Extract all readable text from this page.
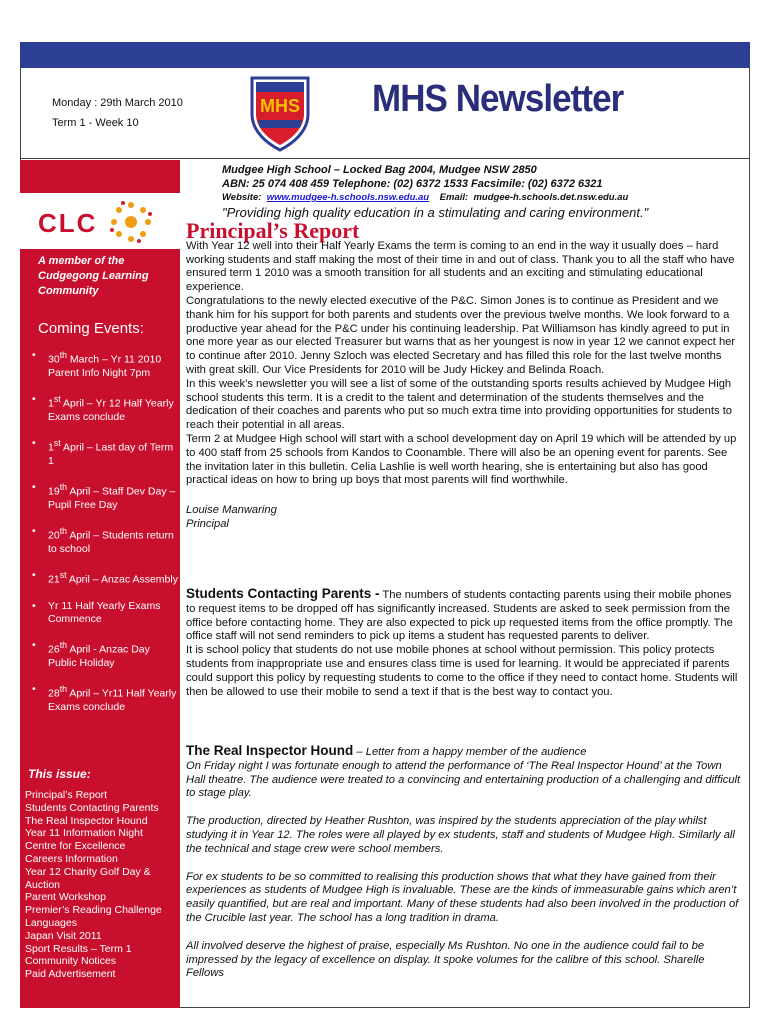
Monday : 29th March 2010
Term 1 - Week 10
MHS MHS Newsletter
CLC
A member of the Cudgegong Learning Community
Coming Events:
• 30th March – Yr 11 2010 Parent Info Night 7pm
• 1st April – Yr 12 Half Yearly Exams conclude
• 1st April – Last day of Term 1
• 19th April – Staff Dev Day – Pupil Free Day
• 20th April – Students return to school
• 21st April – Anzac Assembly
• Yr 11 Half Yearly Exams Commence
• 26th April - Anzac Day Public Holiday
• 28th April – Yr11 Half Yearly Exams conclude
This issue:
Principal’s Report
Students Contacting Parents
The Real Inspector Hound
Year 11 Information Night
Centre for Excellence
Careers Information
Year 12 Charity Golf Day &
Auction
Parent Workshop
Premier’s Reading Challenge
Languages
Japan Visit 2011
Sport Results – Term 1
Community Notices
Paid Advertisement
Mudgee High School – Locked Bag 2004, Mudgee NSW 2850
ABN: 25 074 408 459 Telephone: (02) 6372 1533 Facsimile: (02) 6372 6321
Website: www.mudgee-h.schools.nsw.edu.au Email: mudgee-h.schools.det.nsw.edu.au
"Providing high quality education in a stimulating and caring environment."
Principal’s Report

With Year 12 well into their Half Yearly Exams the term is coming to an end in the way it usually does – hard working students and staff making the most of their time in and out of class. Thank you to all the staff who have ensured term 1 2010 was a smooth transition for all students and an exciting and stimulating educational experience.
Congratulations to the newly elected executive of the P&C. Simon Jones is to continue as President and we thank him for his support for both parents and students over the previous twelve months. We look forward to a productive year ahead for the P&C under his continuing leadership. Pat Williamson has kindly agreed to put in one more year as our elected Treasurer but warns that as her youngest is now in year 12 we cannot expect her to continue after 2010. Jenny Szloch was elected Secretary and has filled this role for the last twelve months with great skill. Our Vice Presidents for 2010 will be Judy Hickey and Belinda Roach.
In this week’s newsletter you will see a list of some of the outstanding sports results achieved by Mudgee High school students this term. It is a credit to the talent and determination of the students themselves and the dedication of their coaches and parents who put so much extra time into providing opportunities for students to reach their potential in all areas.
Term 2 at Mudgee High school will start with a school development day on April 19 which will be attended by up to 400 staff from 25 schools from Kandos to Coonamble. There will also be an opening event for parents. See the invitation later in this bulletin. Celia Lashlie is well worth hearing, she is entertaining but also has good practical ideas on how to bring up boys that most parents will find worthwhile.

Louise Manwaring

Principal

Students Contacting Parents - The numbers of students contacting parents using their mobile phones to request items to be dropped off has significantly increased. Students are asked to seek permission from the office before contacting home. They are also expected to pick up requested items from the office promptly. The office staff will not send reminders to pick up items a student has requested parents to deliver.
It is school policy that students do not use mobile phones at school without permission. This policy protects students from inappropriate use and ensures class time is used for learning. It would be appreciated if parents could support this policy by requesting students to come to the office if they need to contact home. Students will then be allowed to use their mobile to send a text if that is the best way to contact you.

The Real Inspector Hound – Letter from a happy member of the audience

On Friday night I was fortunate enough to attend the performance of ‘The Real Inspector Hound’ at the Town Hall theatre. The audience were treated to a convincing and entertaining production of a challenging and difficult to stage play.

The production, directed by Heather Rushton, was inspired by the students appreciation of the play whilst studying it in Year 12. The roles were all played by ex students, staff and students of Mudgee High. Similarly all the technical and stage crew were school members.

For ex students to be so committed to realising this production shows that what they have gained from their experiences as students of Mudgee High is invaluable. These are the kinds of immeasurable gains which aren’t easily quantified, but are real and important. Many of these students had also been involved in the production of the Crucible last year. The school has a long tradition in drama.

All involved deserve the highest of praise, especially Ms Rushton. No one in the audience could fail to be impressed by the legacy of excellence on display. It spoke volumes for the calibre of this school. Sharelle Fellows
